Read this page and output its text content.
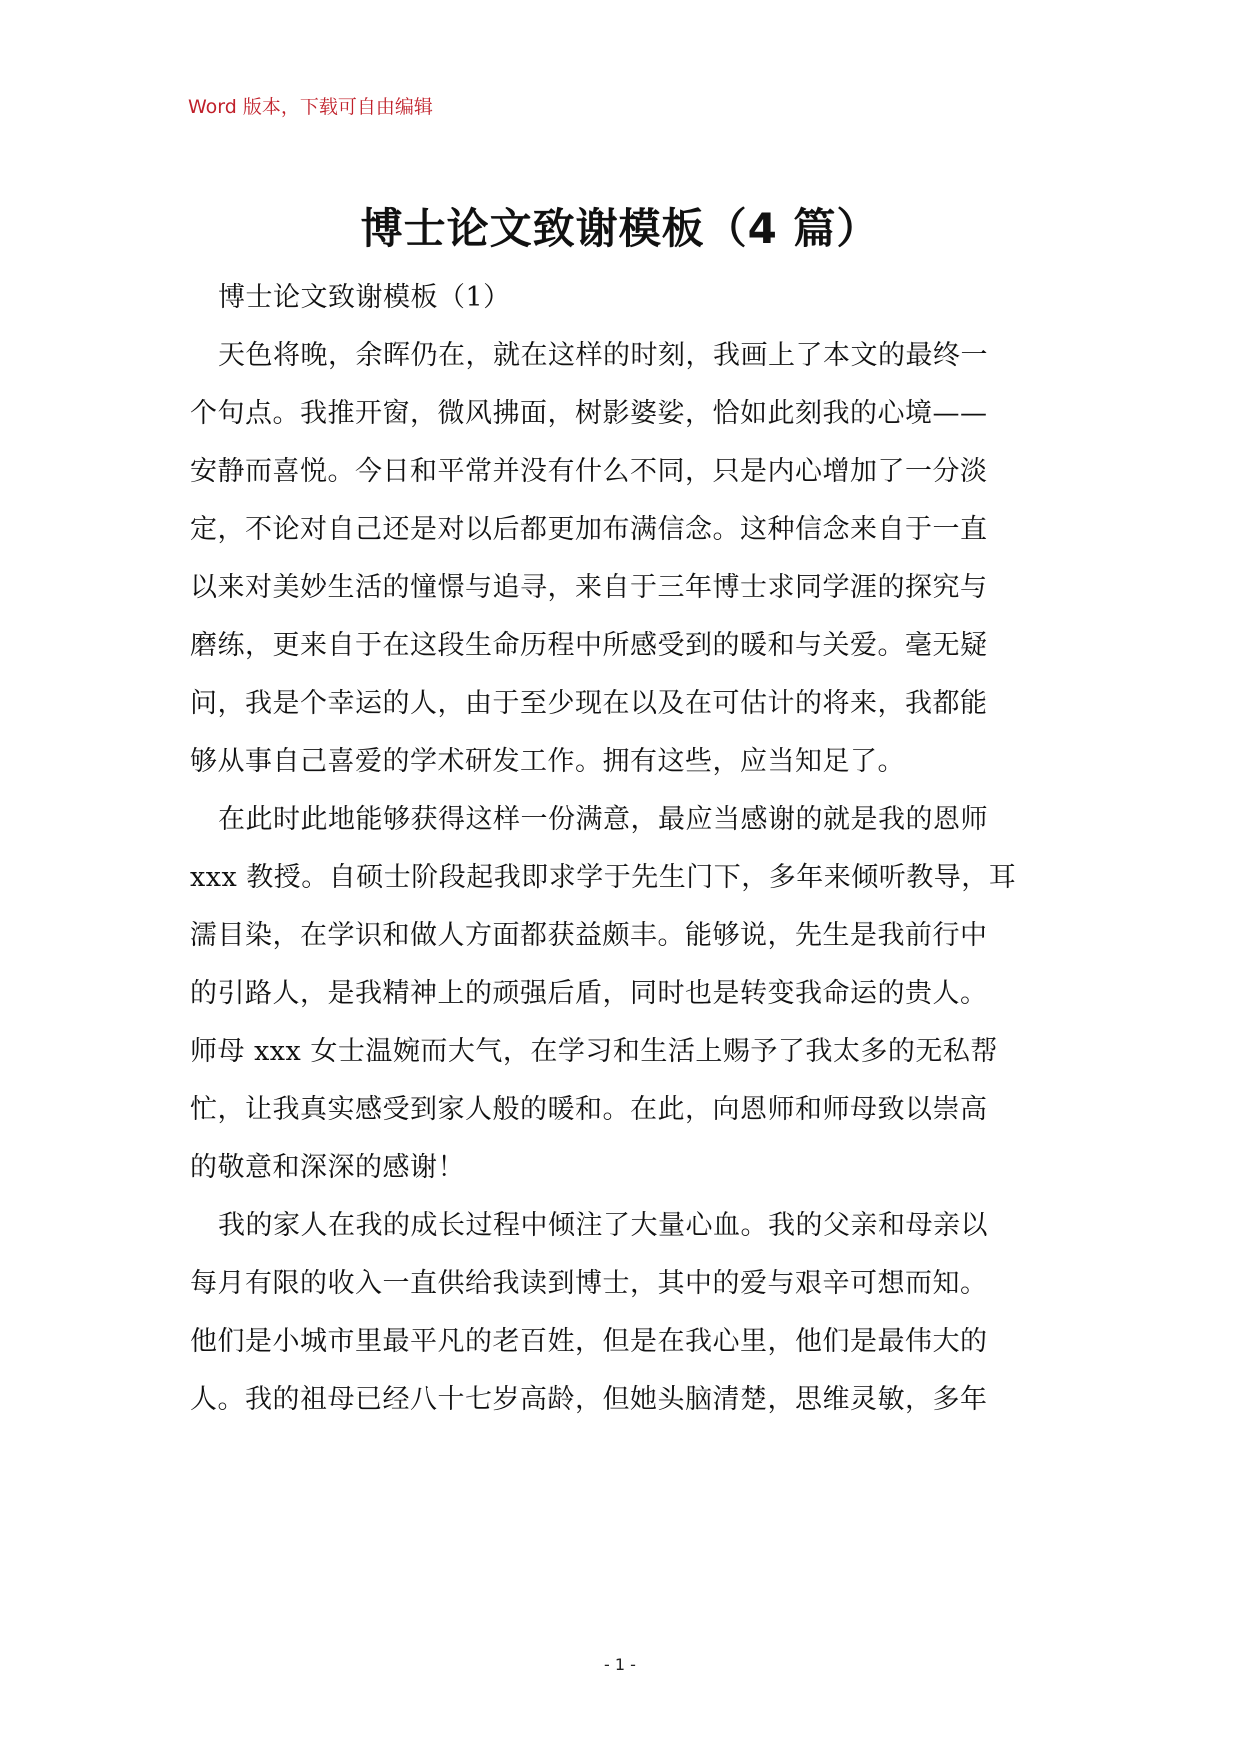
Word 版本，下载可自由编辑
博士论文致谢模板（4 篇）
博士论文致谢模板（1）
天色将晚，余晖仍在，就在这样的时刻，我画上了本文的最终一
个句点。我推开窗，微风拂面，树影婆娑，恰如此刻我的心境——
安静而喜悦。今日和平常并没有什么不同，只是内心增加了一分淡
定，不论对自己还是对以后都更加布满信念。这种信念来自于一直
以来对美妙生活的憧憬与追寻，来自于三年博士求同学涯的探究与
磨练，更来自于在这段生命历程中所感受到的暖和与关爱。毫无疑
问，我是个幸运的人，由于至少现在以及在可估计的将来，我都能
够从事自己喜爱的学术研发工作。拥有这些，应当知足了。
在此时此地能够获得这样一份满意，最应当感谢的就是我的恩师
xxx 教授。自硕士阶段起我即求学于先生门下，多年来倾听教导，耳
濡目染，在学识和做人方面都获益颇丰。能够说，先生是我前行中
的引路人，是我精神上的顽强后盾，同时也是转变我命运的贵人。
师母 xxx 女士温婉而大气，在学习和生活上赐予了我太多的无私帮
忙，让我真实感受到家人般的暖和。在此，向恩师和师母致以崇高
的敬意和深深的感谢！
我的家人在我的成长过程中倾注了大量心血。我的父亲和母亲以
每月有限的收入一直供给我读到博士，其中的爱与艰辛可想而知。
他们是小城市里最平凡的老百姓，但是在我心里，他们是最伟大的
人。我的祖母已经八十七岁高龄，但她头脑清楚，思维灵敏，多年
- 1 -
